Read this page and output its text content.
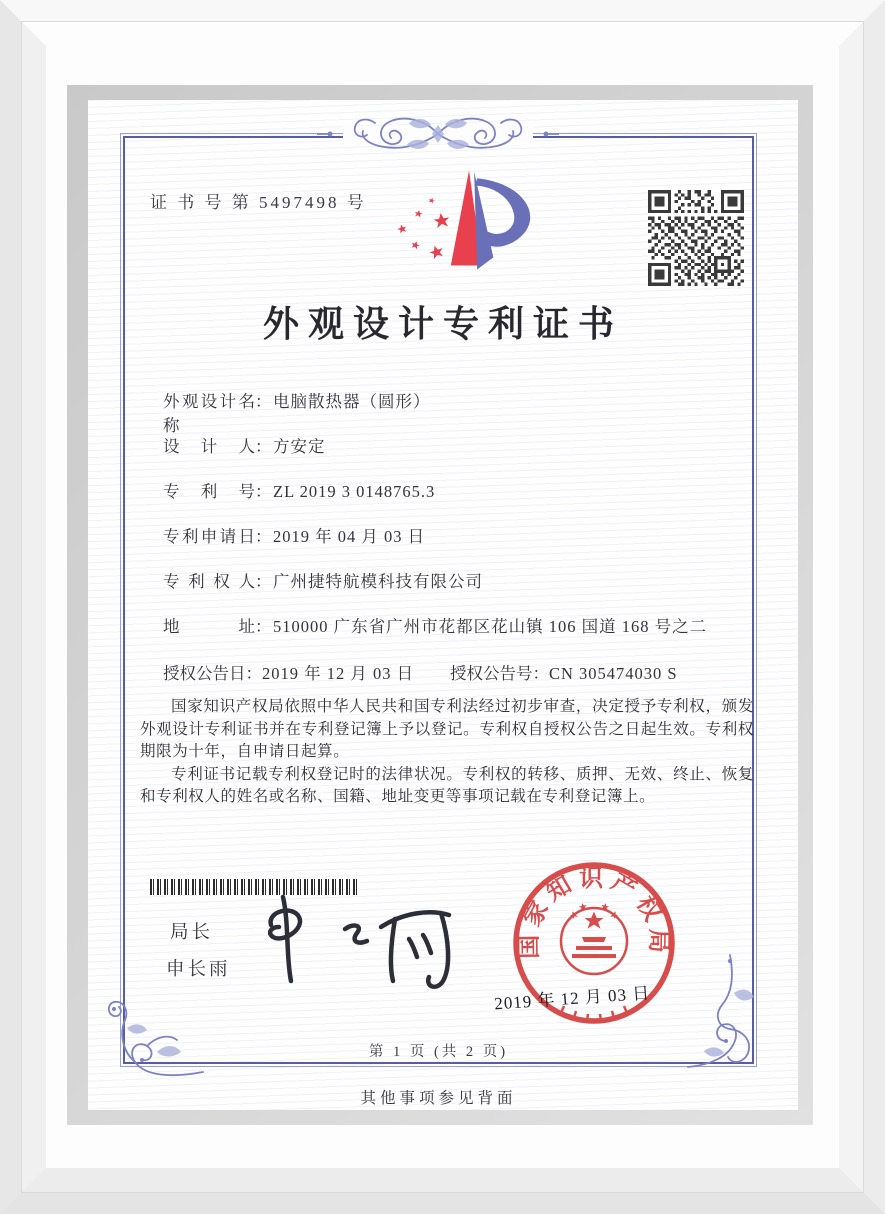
证 书 号 第 5497498 号
外观设计专利证书
外观设计名称
： 电脑散热器（圆形）
设　计　人 ： 方安定
专　利　号 ： ZL 2019 3 0148765.3
专利申请日 ： 2019 年 04 月 03 日
专 利 权 人 ： 广州捷特航模科技有限公司
地　　　址 ： 510000 广东省广州市花都区花山镇 106 国道 168 号之二
授权公告日：2019 年 12 月 03 日 授权公告号：CN 305474030 S

国家知识产权局依照中华人民共和国专利法经过初步审查，决定授予专利权，颁发外观设计专利证书并在专利登记簿上予以登记。专利权自授权公告之日起生效。专利权期限为十年，自申请日起算。

专利证书记载专利权登记时的法律状况。专利权的转移、质押、无效、终止、恢复和专利权人的姓名或名称、国籍、地址变更等事项记载在专利登记簿上。

局长
申长雨
国家知识产权局
2019 年 12 月 03 日
第 1 页 (共 2 页)
其他事项参见背面
